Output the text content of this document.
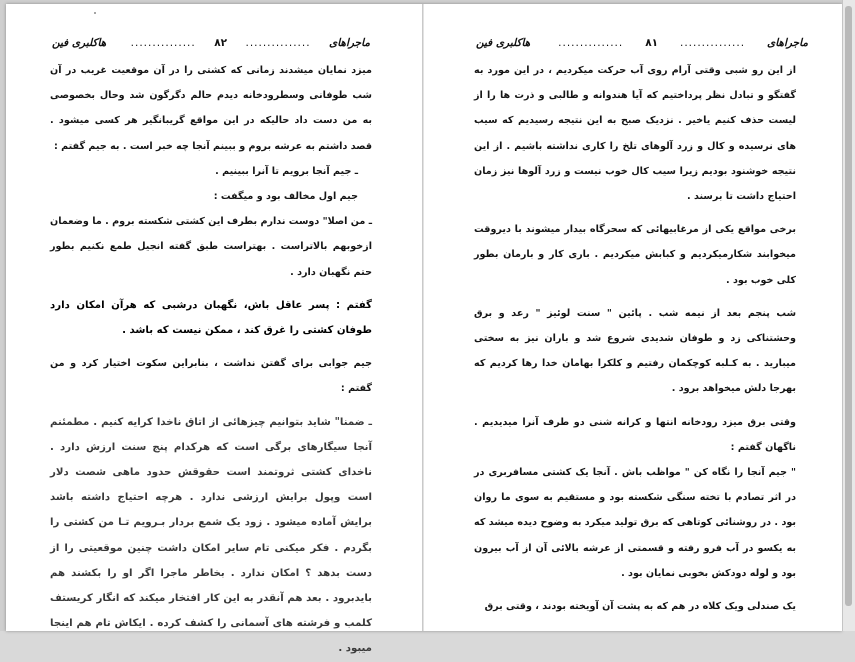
ماجراهای
...............
۸۲
...............
هاکلبری فین

میزد نمایان میشدند زمانی که کشتی را در آن موقعیت غریب در آن شب طوفانی وسطرودخانه دیدم حالم دگرگون شد وحال بخصوصی به من دست داد حالیکه در این مواقع گریبانگیر هر کسی میشود . قصد داشتم به عرشه بروم و ببینم آنجا چه خبر است . به جیم گفتم :

ـ جیم آنجا برویم تا آنرا ببینیم .

جیم اول مخالف بود و میگفت :

ـ من اصلا" دوست ندارم بطرف این کشتی شکسته بروم . ما وضعمان ازخوبهم بالاتراست . بهتراست طبق گفته انجیل طمع نکنیم بطور حتم نگهبان دارد .

گفتم : پسر عاقل باش، نگهبان درشبی که هرآن امکان دارد طوفان کشتی را غرق کند ، ممکن نیست که باشد .

جیم جوابی برای گفتن نداشت ، بنابراین سکوت اختیار کرد و من گفتم :

ـ ضمنا" شاید بتوانیم چیزهائی از اتاق ناخدا کرایه کنیم . مطمئنم آنجا سیگارهای برگی است که هرکدام پنج سنت ارزش دارد . ناخدای کشتی ثروتمند است حقوقش حدود ماهی شصت دلار است وپول برایش ارزشی ندارد . هرچه احتیاج داشته باشد برایش آماده میشود . زود یک شمع بردار بـرویم تـا من کشتی را بگردم . فکر میکنی تام سایر امکان داشت چنین موقعیتی را از دست بدهد ؟ امکان ندارد . بخاطر ماجرا اگر او را بکشند هم بایدبرود . بعد هم آنقدر به این کار افتخار میکند که انگار کریستف کلمب و فرشته های آسمانی را کشف کرده . ایکاش تام هم اینجا میبود .

ماجراهای
...............
۸۱
...............
هاکلبری فین

از این رو شبی وقتی آرام روی آب حرکت میکردیم ، در این مورد به گفتگو و تبادل نظر پرداختیم که آیا هندوانه و طالبی و ذرت ها را از لیست حذف کنیم یاخیر . نزدیک صبح به این نتیجه رسیدیم که سیب های نرسیده و کال و زرد آلوهای تلخ را کاری نداشته باشیم . از این نتیجه خوشنود بودیم زیرا سیب کال خوب نیست و زرد آلوها نیز زمان احتیاج داشت تا برسند .

برخی مواقع یکی از مرغابیهائی که سحرگاه بیدار میشوند با دیروقت میخوابند شکارمیکردیم و کبابش میکردیم . باری کار و بارمان بطور کلی خوب بود .

شب پنجم بعد از نیمه شب . پائین " سنت لوئیز " رعد و برق وحشتناکی زد و طوفان شدیدی شروع شد و باران نیز به سختی میبارید . به کـلبه کوچکمان رفتیم و کلکرا بهامان خدا رها کردیم که بهرجا دلش میخواهد برود .

وقتی برق میزد رودخانه انتها و کرانه شنی دو طرف آنرا میدیدیم . ناگهان گفتم :

" جیم آنجا را نگاه کن " مواظب باش . آنجا یک کشتی مسافربری در در اثر تصادم با تخته سنگی شکسته بود و مستقیم به سوی ما روان بود . در روشنائی کوتاهی که برق تولید میکرد به وضوح دیده میشد که به یکسو در آب فرو رفته و قسمتی از عرشه بالائی آن از آب بیرون بود و لوله دودکش بخوبی نمایان بود .

یک صندلی ویک کلاه در هم که به پشت آن آویخته بودند ، وقتی برق
